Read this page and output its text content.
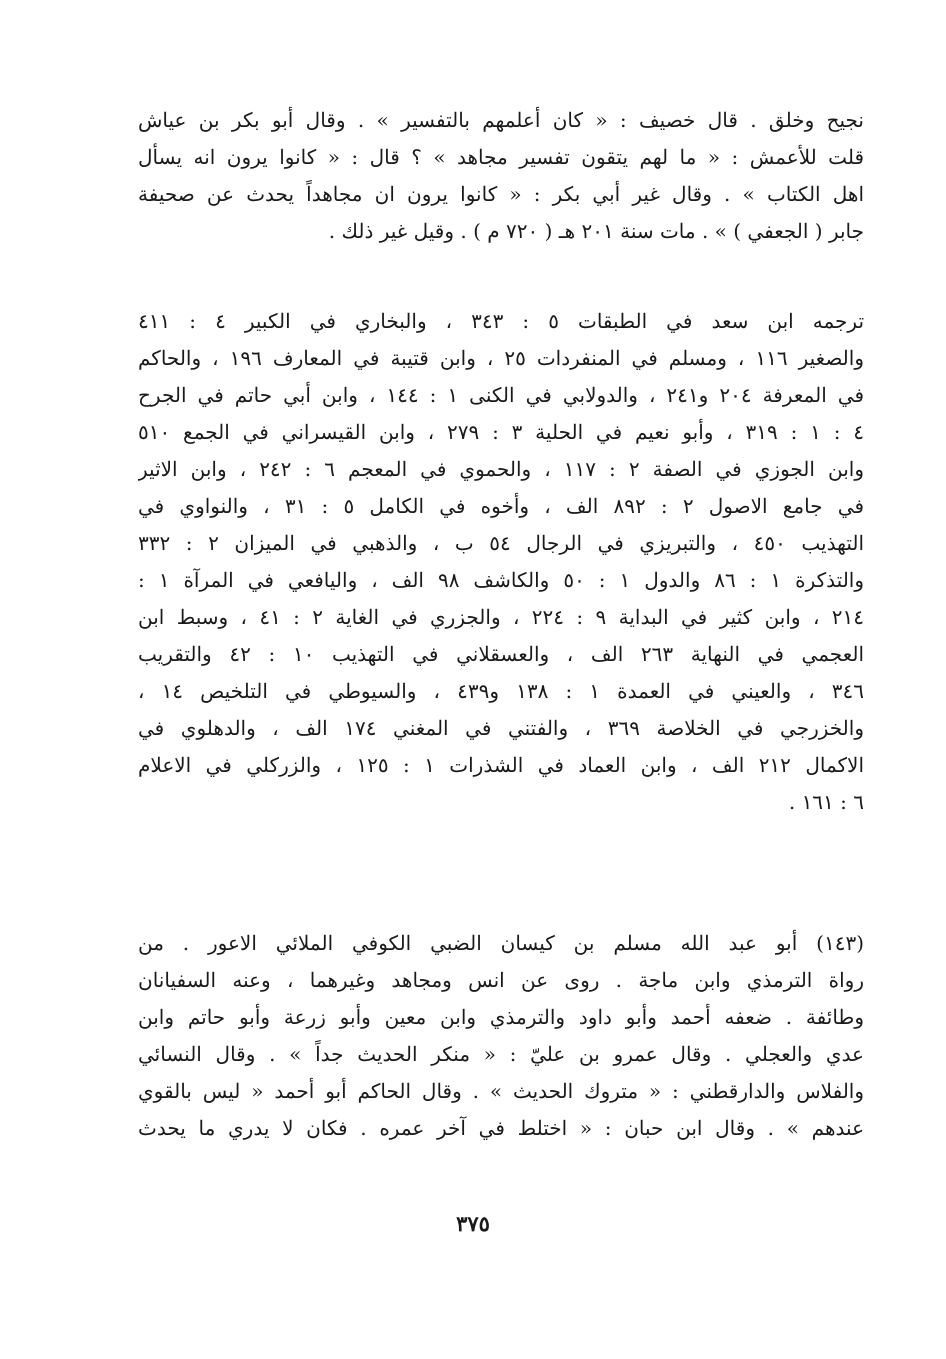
نجيح وخلق . قال خصيف : « كان أعلمهم بالتفسير » . وقال أبو بكر بن عياش
قلت للأعمش : « ما لهم يتقون تفسير مجاهد » ؟ قال : « كانوا يرون انه يسأل
اهل الكتاب » . وقال غير أبي بكر : « كانوا يرون ان مجاهداً يحدث عن صحيفة
جابر ( الجعفي ) » . مات سنة ٢٠١ هـ ( ٧٢٠ م ) . وقيل غير ذلك .
ترجمه ابن سعد في الطبقات ٥ : ٣٤٣ ، والبخاري في الكبير ٤ : ٤١١
والصغير ١١٦ ، ومسلم في المنفردات ٢٥ ، وابن قتيبة في المعارف ١٩٦ ، والحاكم
في المعرفة ٢٠٤ و٢٤١ ، والدولابي في الكنى ١ : ١٤٤ ، وابن أبي حاتم في الجرح
٤ : ١ : ٣١٩ ، وأبو نعيم في الحلية ٣ : ٢٧٩ ، وابن القيسراني في الجمع ٥١٠
وابن الجوزي في الصفة ٢ : ١١٧ ، والحموي في المعجم ٦ : ٢٤٢ ، وابن الاثير
في جامع الاصول ٢ : ٨٩٢ الف ، وأخوه في الكامل ٥ : ٣١ ، والنواوي في
التهذيب ٤٥٠ ، والتبريزي في الرجال ٥٤ ب ، والذهبي في الميزان ٢ : ٣٣٢
والتذكرة ١ : ٨٦ والدول ١ : ٥٠ والكاشف ٩٨ الف ، واليافعي في المرآة ١ :
٢١٤ ، وابن كثير في البداية ٩ : ٢٢٤ ، والجزري في الغاية ٢ : ٤١ ، وسبط ابن
العجمي في النهاية ٢٦٣ الف ، والعسقلاني في التهذيب ١٠ : ٤٢ والتقريب
٣٤٦ ، والعيني في العمدة ١ : ١٣٨ و٤٣٩ ، والسيوطي في التلخيص ١٤ ،
والخزرجي في الخلاصة ٣٦٩ ، والفتني في المغني ١٧٤ الف ، والدهلوي في
الاكمال ٢١٢ الف ، وابن العماد في الشذرات ١ : ١٢٥ ، والزركلي في الاعلام
٦ : ١٦١ .
(١٤٣) أبو عبد الله مسلم بن كيسان الضبي الكوفي الملائي الاعور . من
رواة الترمذي وابن ماجة . روى عن انس ومجاهد وغيرهما ، وعنه السفيانان
وطائفة . ضعفه أحمد وأبو داود والترمذي وابن معين وأبو زرعة وأبو حاتم وابن
عدي والعجلي . وقال عمرو بن عليّ : « منكر الحديث جداً » . وقال النسائي
والفلاس والدارقطني : « متروك الحديث » . وقال الحاكم أبو أحمد « ليس بالقوي
عندهم » . وقال ابن حبان : « اختلط في آخر عمره . فكان لا يدري ما يحدث
٣٧٥
